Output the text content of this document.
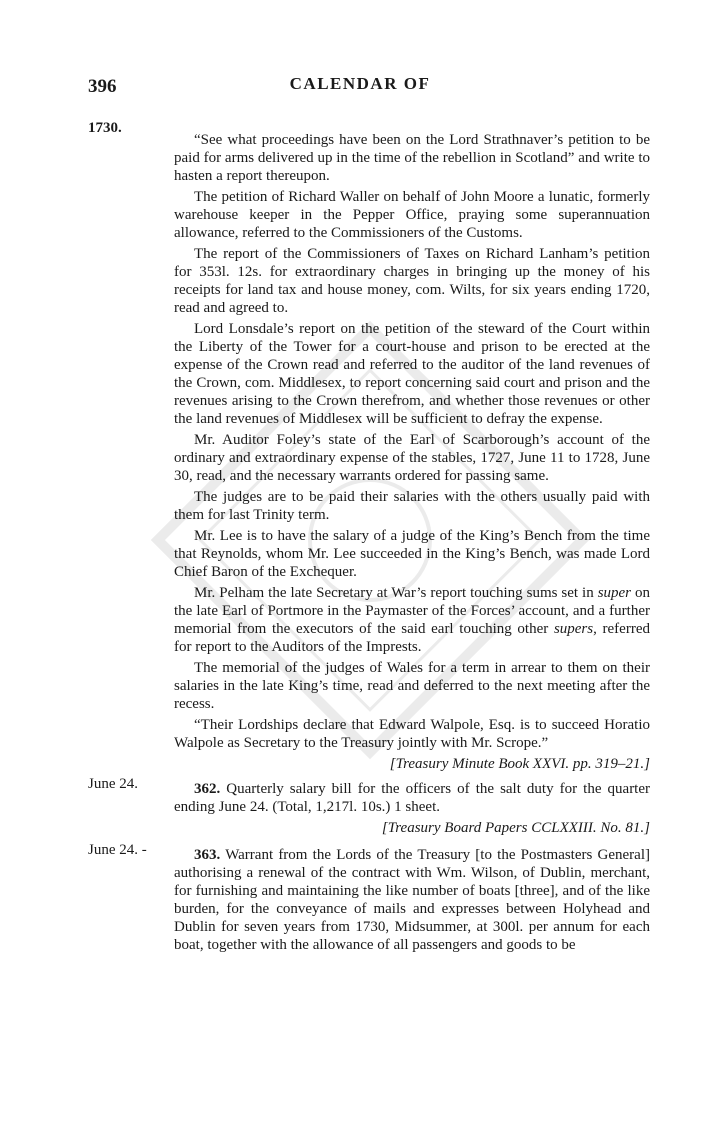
396	CALENDAR OF
1730.
June 24.
June 24. -

“See what proceedings have been on the Lord Strathnaver’s petition to be paid for arms delivered up in the time of the rebellion in Scotland” and write to hasten a report thereupon.

The petition of Richard Waller on behalf of John Moore a lunatic, formerly warehouse keeper in the Pepper Office, praying some superannuation allowance, referred to the Commissioners of the Customs.

The report of the Commissioners of Taxes on Richard Lanham’s petition for 353l. 12s. for extraordinary charges in bringing up the money of his receipts for land tax and house money, com. Wilts, for six years ending 1720, read and agreed to.

Lord Lonsdale’s report on the petition of the steward of the Court within the Liberty of the Tower for a court-house and prison to be erected at the expense of the Crown read and referred to the auditor of the land revenues of the Crown, com. Middlesex, to report concerning said court and prison and the revenues arising to the Crown therefrom, and whether those revenues or other the land revenues of Middlesex will be sufficient to defray the expense.

Mr. Auditor Foley’s state of the Earl of Scarborough’s account of the ordinary and extraordinary expense of the stables, 1727, June 11 to 1728, June 30, read, and the necessary warrants ordered for passing same.

The judges are to be paid their salaries with the others usually paid with them for last Trinity term.

Mr. Lee is to have the salary of a judge of the King’s Bench from the time that Reynolds, whom Mr. Lee succeeded in the King’s Bench, was made Lord Chief Baron of the Exchequer.

Mr. Pelham the late Secretary at War’s report touching sums set in super on the late Earl of Portmore in the Paymaster of the Forces’ account, and a further memorial from the executors of the said earl touching other supers, referred for report to the Auditors of the Imprests.

The memorial of the judges of Wales for a term in arrear to them on their salaries in the late King’s time, read and deferred to the next meeting after the recess.

“Their Lordships declare that Edward Walpole, Esq. is to succeed Horatio Walpole as Secretary to the Treasury jointly with Mr. Scrope.”

[Treasury Minute Book XXVI. pp. 319–21.]

362. Quarterly salary bill for the officers of the salt duty for the quarter ending June 24. (Total, 1,217l. 10s.) 1 sheet.

[Treasury Board Papers CCLXXIII. No. 81.]

363. Warrant from the Lords of the Treasury [to the Postmasters General] authorising a renewal of the contract with Wm. Wilson, of Dublin, merchant, for furnishing and maintaining the like number of boats [three], and of the like burden, for the conveyance of mails and expresses between Holyhead and Dublin for seven years from 1730, Midsummer, at 300l. per annum for each boat, together with the allowance of all passengers and goods to be
